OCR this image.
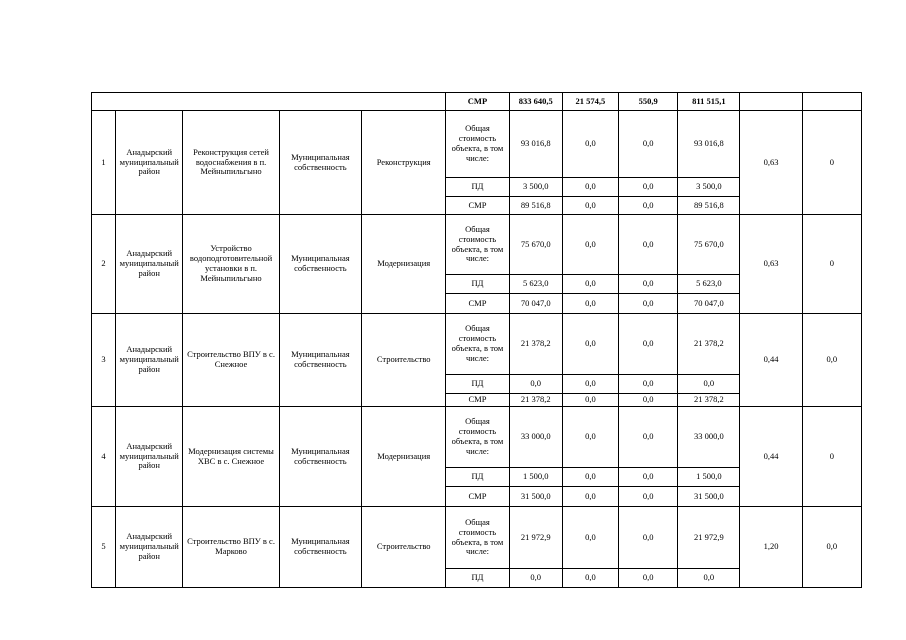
					СМР	833 640,5	21 574,5	550,9	811 515,1		
1	Анадырский муниципальный район	Реконструкция сетей водоснабжения в п. Мейныпильгыно	Муниципальная собственность	Реконструкция	Общая стоимость объекта, в том числе:	93 016,8	0,0	0,0	93 016,8	0,63	0
					ПД	3 500,0	0,0	0,0	3 500,0		
					СМР	89 516,8	0,0	0,0	89 516,8		
2	Анадырский муниципальный район	Устройство водоподготовительной установки в п. Мейныпильгыно	Муниципальная собственность	Модернизация	Общая стоимость объекта, в том числе:	75 670,0	0,0	0,0	75 670,0	0,63	0
					ПД	5 623,0	0,0	0,0	5 623,0		
					СМР	70 047,0	0,0	0,0	70 047,0		
3	Анадырский муниципальный район	Строительство ВПУ в с. Снежное	Муниципальная собственность	Строительство	Общая стоимость объекта, в том числе:	21 378,2	0,0	0,0	21 378,2	0,44	0,0
					ПД	0,0	0,0	0,0	0,0		
					СМР	21 378,2	0,0	0,0	21 378,2		
4	Анадырский муниципальный район	Модернизация системы ХВС в с. Снежное	Муниципальная собственность	Модернизация	Общая стоимость объекта, в том числе:	33 000,0	0,0	0,0	33 000,0	0,44	0
					ПД	1 500,0	0,0	0,0	1 500,0		
					СМР	31 500,0	0,0	0,0	31 500,0		
5	Анадырский муниципальный район	Строительство ВПУ в с. Марково	Муниципальная собственность	Строительство	Общая стоимость объекта, в том числе:	21 972,9	0,0	0,0	21 972,9	1,20	0,0
					ПД	0,0	0,0	0,0	0,0		
